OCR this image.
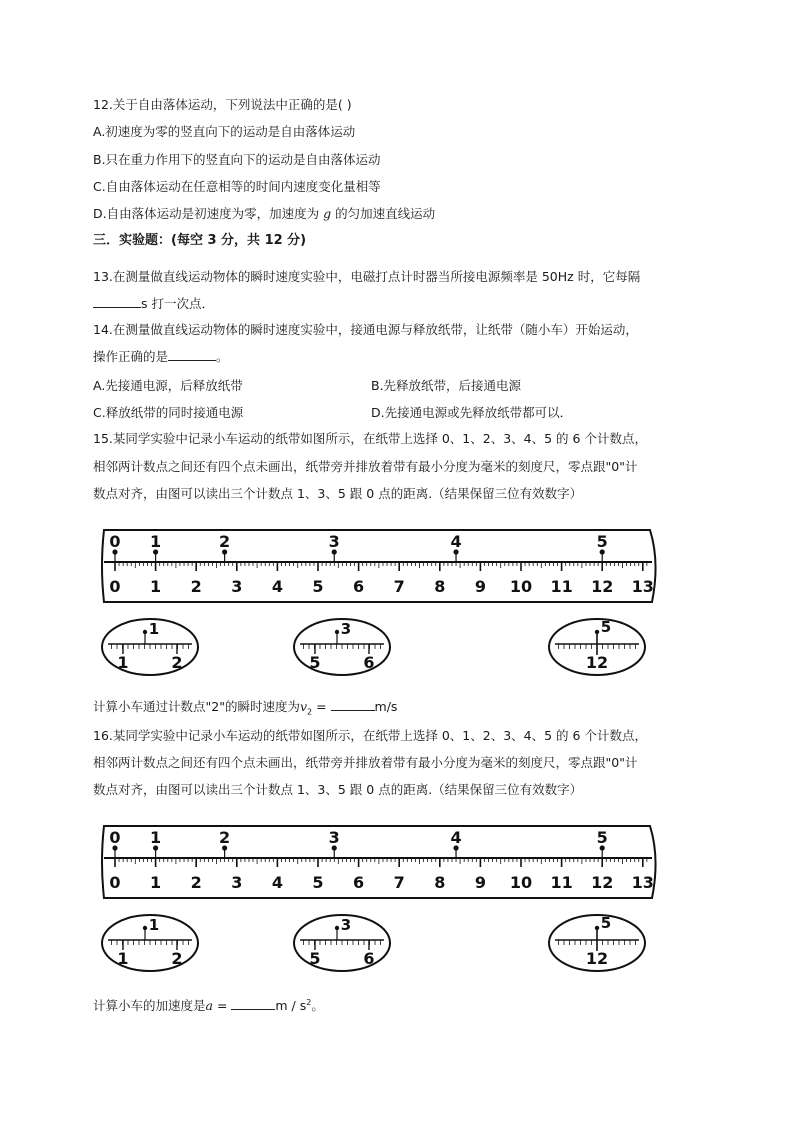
12.关于自由落体运动，下列说法中正确的是( )
A.初速度为零的竖直向下的运动是自由落体运动
B.只在重力作用下的竖直向下的运动是自由落体运动
C.自由落体运动在任意相等的时间内速度变化量相等
D.自由落体运动是初速度为零，加速度为 g 的匀加速直线运动
三．实验题：(每空 3 分，共 12 分)
13.在测量做直线运动物体的瞬时速度实验中，电磁打点计时器当所接电源频率是 50Hz 时，它每隔
s 打一次点．
14.在测量做直线运动物体的瞬时速度实验中，接通电源与释放纸带，让纸带（随小车）开始运动，
操作正确的是	。
A.先接通电源，后释放纸带	B.先释放纸带，后接通电源
C.释放纸带的同时接通电源	D.先接通电源或先释放纸带都可以．
15.某同学实验中记录小车运动的纸带如图所示，在纸带上选择 0、1、2、3、4、5 的 6 个计数点，
相邻两计数点之间还有四个点未画出，纸带旁并排放着带有最小分度为毫米的刻度尺，零点跟"0"计
数点对齐，由图可以读出三个计数点 1、3、5 跟 0 点的距离.（结果保留三位有效数字）
0 1	2	3	4	5
0 1 2 3 4 5 6 7 8 9 10 11 12 13
1	2
1
5	6
3	5
12
计算小车通过计数点"2"的瞬时速度为$v_2$ =	m/s
16.某同学实验中记录小车运动的纸带如图所示，在纸带上选择 0、1、2、3、4、5 的 6 个计数点，
相邻两计数点之间还有四个点未画出，纸带旁并排放着带有最小分度为毫米的刻度尺，零点跟"0"计
数点对齐，由图可以读出三个计数点 1、3、5 跟 0 点的距离.（结果保留三位有效数字）
0 1	2	3	4	5
0 1 2 3 4 5 6 7 8 9 10 11 12 13
1	2
1
5	6
3	5
12
计算小车的加速度是a =	m / $s^2$。
